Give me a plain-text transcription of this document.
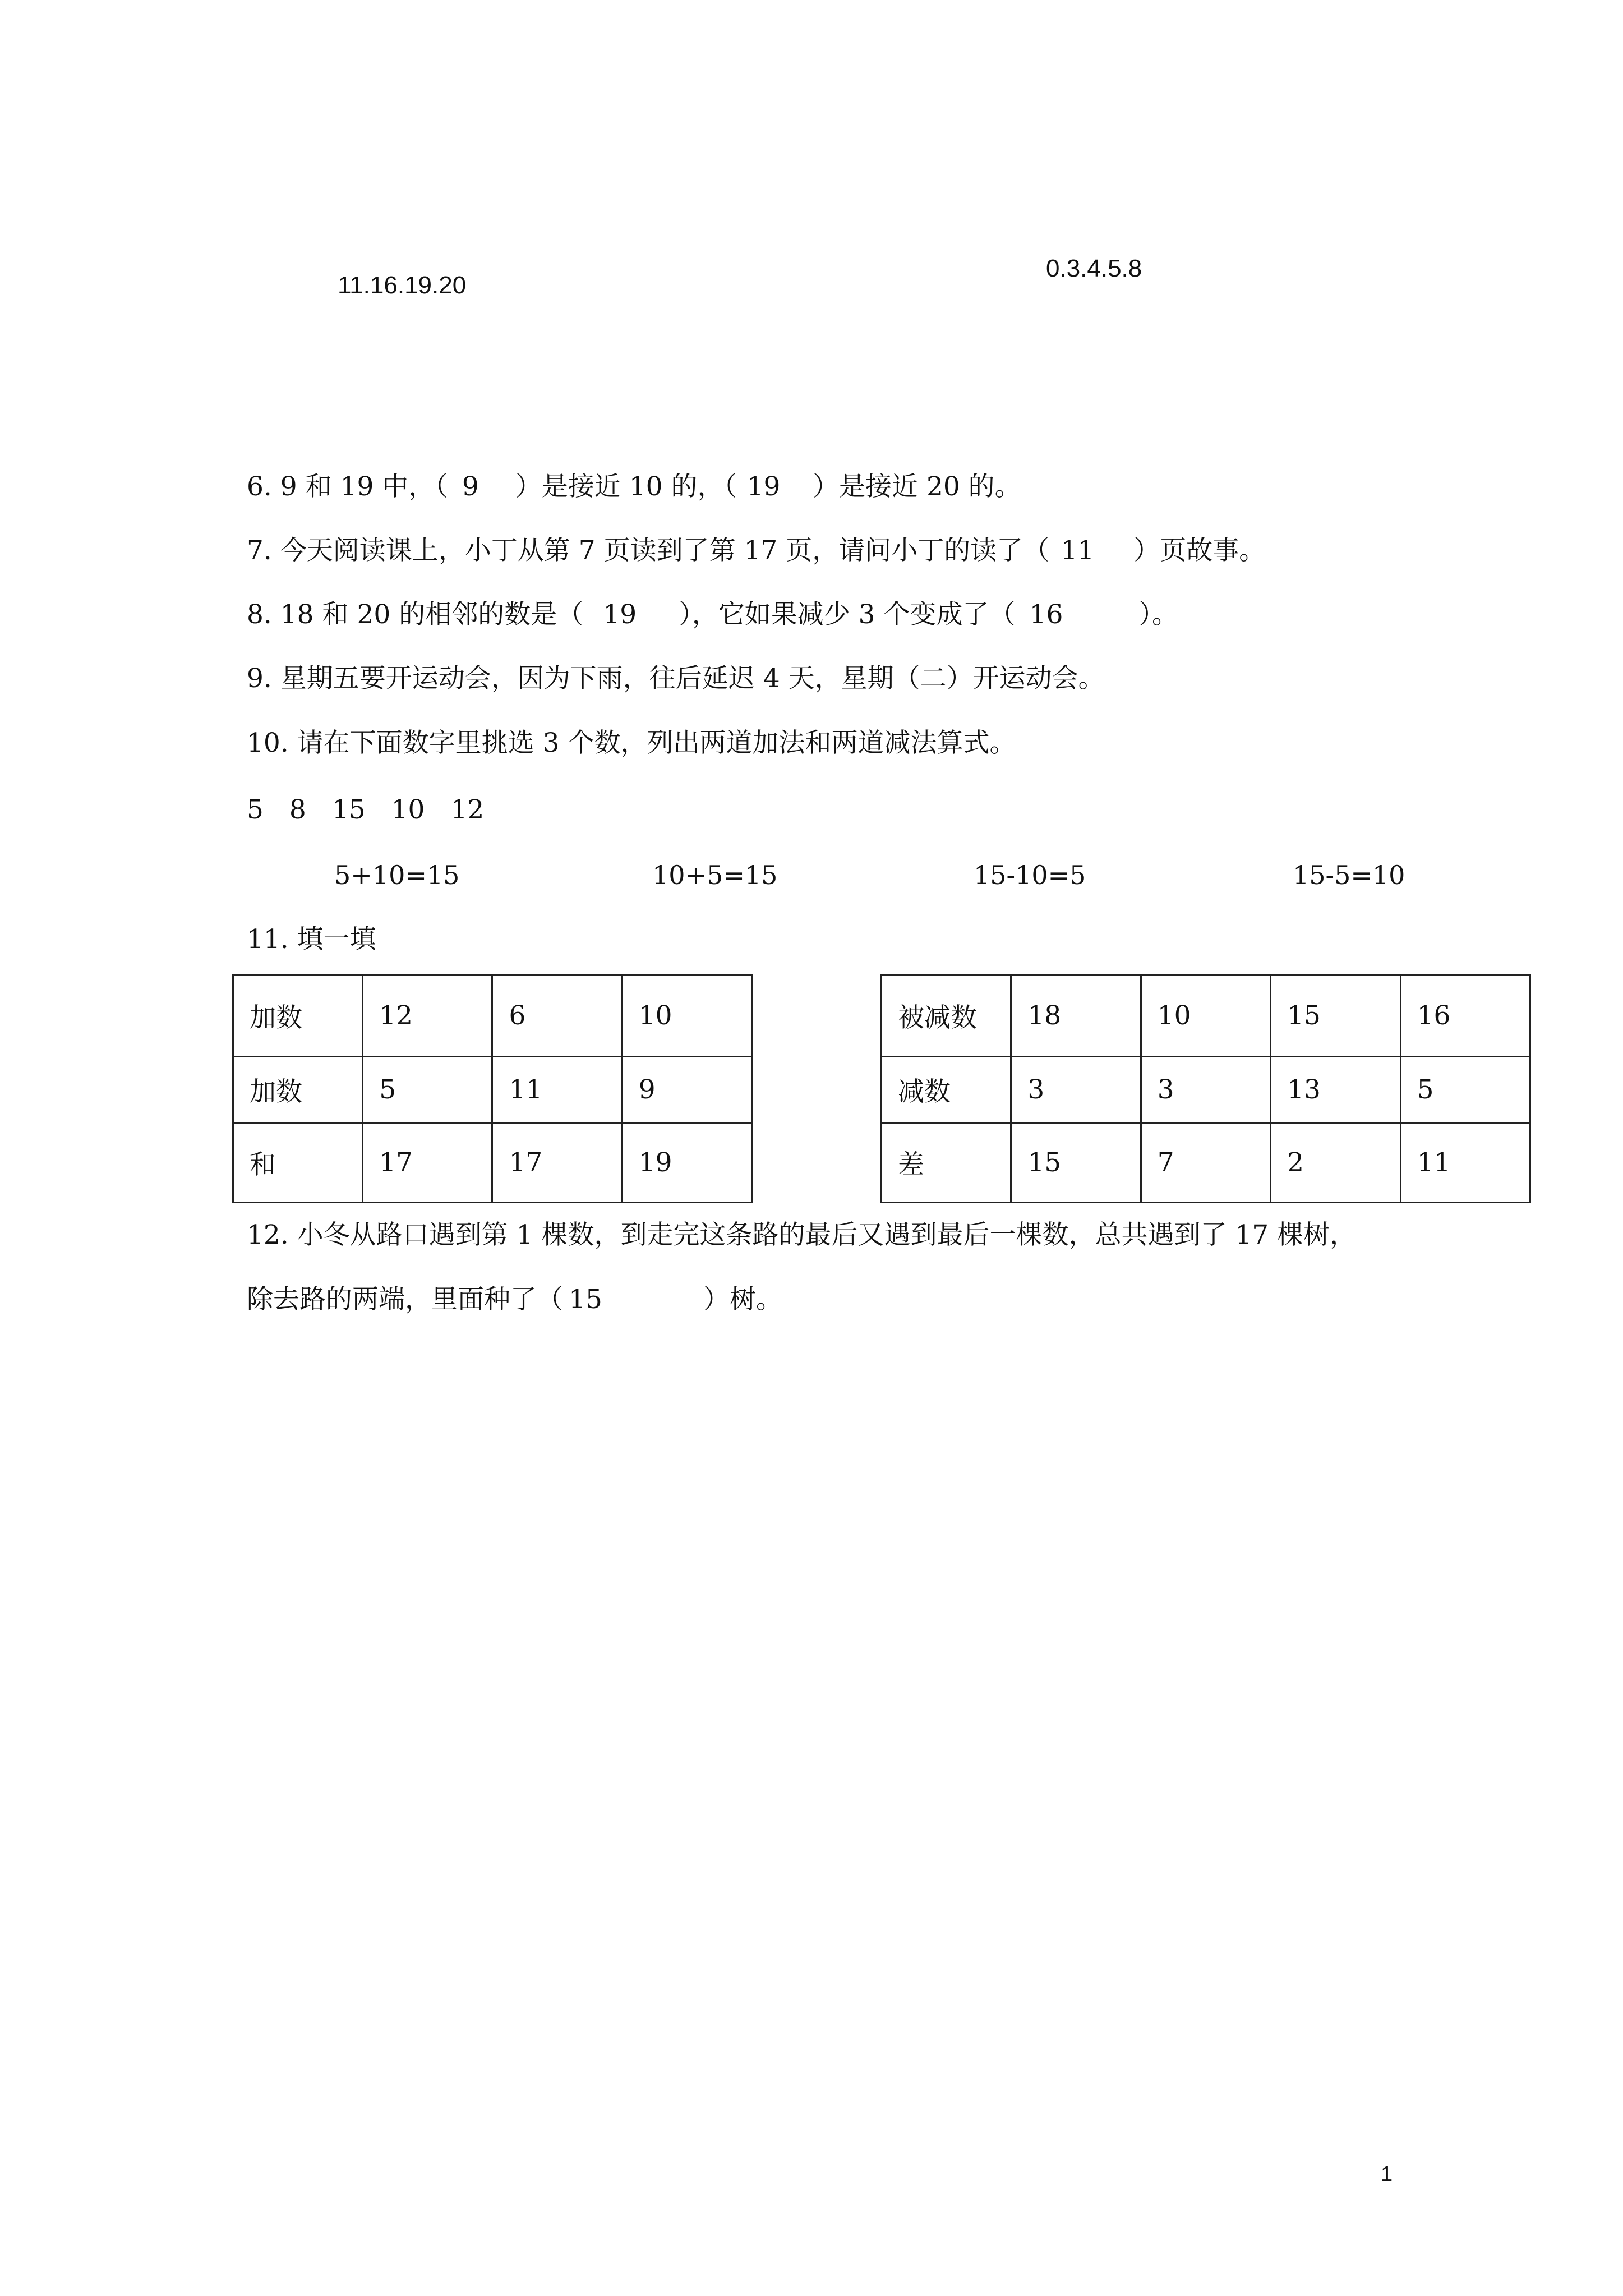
11.16.19.20
0.3.4.5.8
6. 9 和 19 中，（ 9 ）是接近 10 的，（ 19 ）是接近 20 的。
7. 今天阅读课上，小丁从第 7 页读到了第 17 页，请问小丁的读了（ 11 ）页故事。
8. 18 和 20 的相邻的数是（ 19 ），它如果减少 3 个变成了（ 16	）。
9. 星期五要开运动会，因为下雨，往后延迟 4 天，星期（二）开运动会。
10. 请在下面数字里挑选 3 个数，列出两道加法和两道减法算式。
5 8 15 10 12
5+10=15	10+5=15	15-10=5	15-5=10
11. 填一填
加数	12	6	10
加数	5	11	9
和	17	17	19
被减数	18	10	15	16
减数	3	3	13	5
差	15	7	2	11
12. 小冬从路口遇到第 1 棵数，到走完这条路的最后又遇到最后一棵数，总共遇到了 17 棵树，
除去路的两端，里面种了（ 15	）树。
1
